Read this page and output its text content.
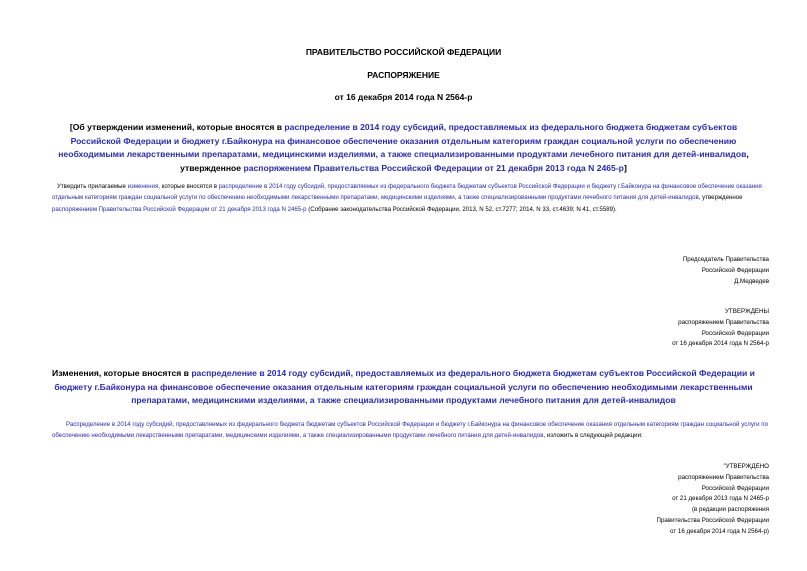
ПРАВИТЕЛЬСТВО РОССИЙСКОЙ ФЕДЕРАЦИИ
РАСПОРЯЖЕНИЕ
от 16 декабря 2014 года N 2564-р
[Об утверждении изменений, которые вносятся в распределение в 2014 году субсидий, предоставляемых из федерального бюджета бюджетам субъектов Российской Федерации и бюджету г.Байконура на финансовое обеспечение оказания отдельным категориям граждан социальной услуги по обеспечению необходимыми лекарственными препаратами, медицинскими изделиями, а также специализированными продуктами лечебного питания для детей-инвалидов, утвержденное распоряжением Правительства Российской Федерации от 21 декабря 2013 года N 2465-р]
Утвердить прилагаемые изменения, которые вносятся в распределение в 2014 году субсидий, предоставляемых из федерального бюджета бюджетам субъектов Российской Федерации и бюджету г.Байконура на финансовое обеспечение оказания отдельным категориям граждан социальной услуги по обеспечению необходимыми лекарственными препаратами, медицинскими изделиями, а также специализированными продуктами лечебного питания для детей-инвалидов, утвержденное распоряжением Правительства Российской Федерации от 21 декабря 2013 года N 2465-р (Собрание законодательства Российской Федерации, 2013, N 52, ст.7277; 2014, N 33, ст.4639; N 41, ст.5589).
Председатель Правительства
Российской Федерации
Д.Медведев
УТВЕРЖДЕНЫ
распоряжением Правительства
Российской Федерации
от 16 декабря 2014 года N 2564-р
Изменения, которые вносятся в распределение в 2014 году субсидий, предоставляемых из федерального бюджета бюджетам субъектов Российской Федерации и бюджету г.Байконура на финансовое обеспечение оказания отдельным категориям граждан социальной услуги по обеспечению необходимыми лекарственными препаратами, медицинскими изделиями, а также специализированными продуктами лечебного питания для детей-инвалидов
Распределение в 2014 году субсидий, предоставляемых из федерального бюджета бюджетам субъектов Российской Федерации и бюджету г.Байконура на финансовое обеспечение оказания отдельным категориям граждан социальной услуги по обеспечению необходимыми лекарственными препаратами, медицинскими изделиями, а также специализированными продуктами лечебного питания для детей-инвалидов, изложить в следующей редакции:
"УТВЕРЖДЕНО
распоряжением Правительства
Российской Федерации
от 21 декабря 2013 года N 2465-р
(в редакции распоряжения
Правительства Российской Федерации
от 16 декабря 2014 года N 2564-р)
